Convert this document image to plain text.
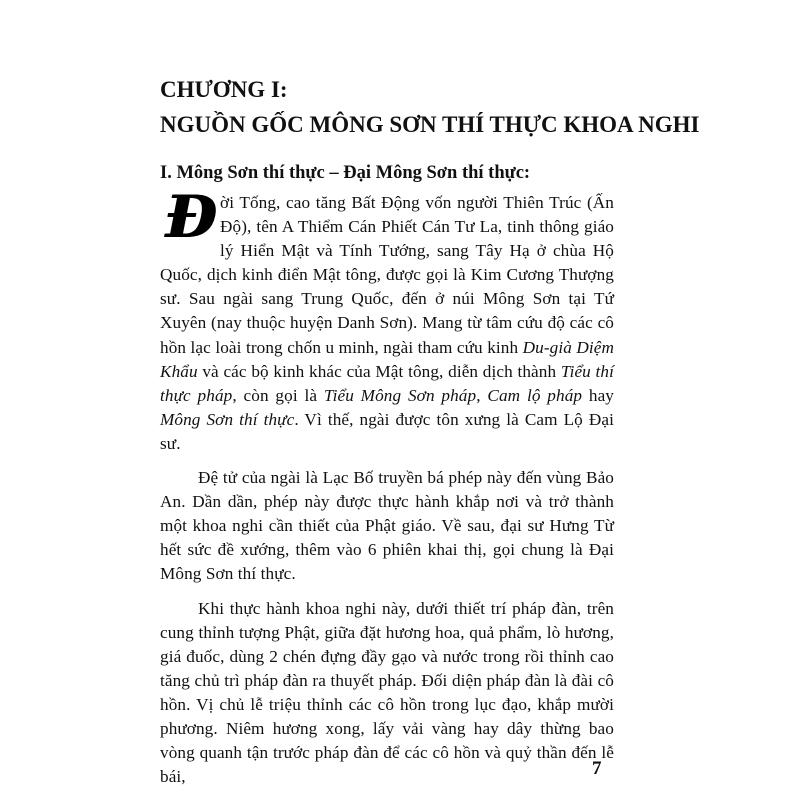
CHƯƠNG I:
NGUỒN GỐC MÔNG SƠN THÍ THỰC KHOA NGHI
I. Mông Sơn thí thực – Đại Mông Sơn thí thực:

Đời Tống, cao tăng Bất Động vốn người Thiên Trúc (Ấn Độ), tên A Thiểm Cán Phiết Cán Tư La, tinh thông giáo lý Hiển Mật và Tính Tướng, sang Tây Hạ ở chùa Hộ Quốc, dịch kinh điển Mật tông, được gọi là Kim Cương Thượng sư. Sau ngài sang Trung Quốc, đến ở núi Mông Sơn tại Tứ Xuyên (nay thuộc huyện Danh Sơn). Mang từ tâm cứu độ các cô hồn lạc loài trong chốn u minh, ngài tham cứu kinh Du-già Diệm Khẩu và các bộ kinh khác của Mật tông, diễn dịch thành Tiểu thí thực pháp, còn gọi là Tiểu Mông Sơn pháp, Cam lộ pháp hay Mông Sơn thí thực. Vì thế, ngài được tôn xưng là Cam Lộ Đại sư.

Đệ tử của ngài là Lạc Bố truyền bá phép này đến vùng Bảo An. Dần dần, phép này được thực hành khắp nơi và trở thành một khoa nghi cần thiết của Phật giáo. Về sau, đại sư Hưng Từ hết sức đề xướng, thêm vào 6 phiên khai thị, gọi chung là Đại Mông Sơn thí thực.

Khi thực hành khoa nghi này, dưới thiết trí pháp đàn, trên cung thỉnh tượng Phật, giữa đặt hương hoa, quả phẩm, lò hương, giá đuốc, dùng 2 chén đựng đầy gạo và nước trong rồi thỉnh cao tăng chủ trì pháp đàn ra thuyết pháp. Đối diện pháp đàn là đài cô hồn. Vị chủ lễ triệu thỉnh các cô hồn trong lục đạo, khắp mười phương. Niêm hương xong, lấy vải vàng hay dây thừng bao vòng quanh tận trước pháp đàn để các cô hồn và quỷ thần đến lễ bái,	7
